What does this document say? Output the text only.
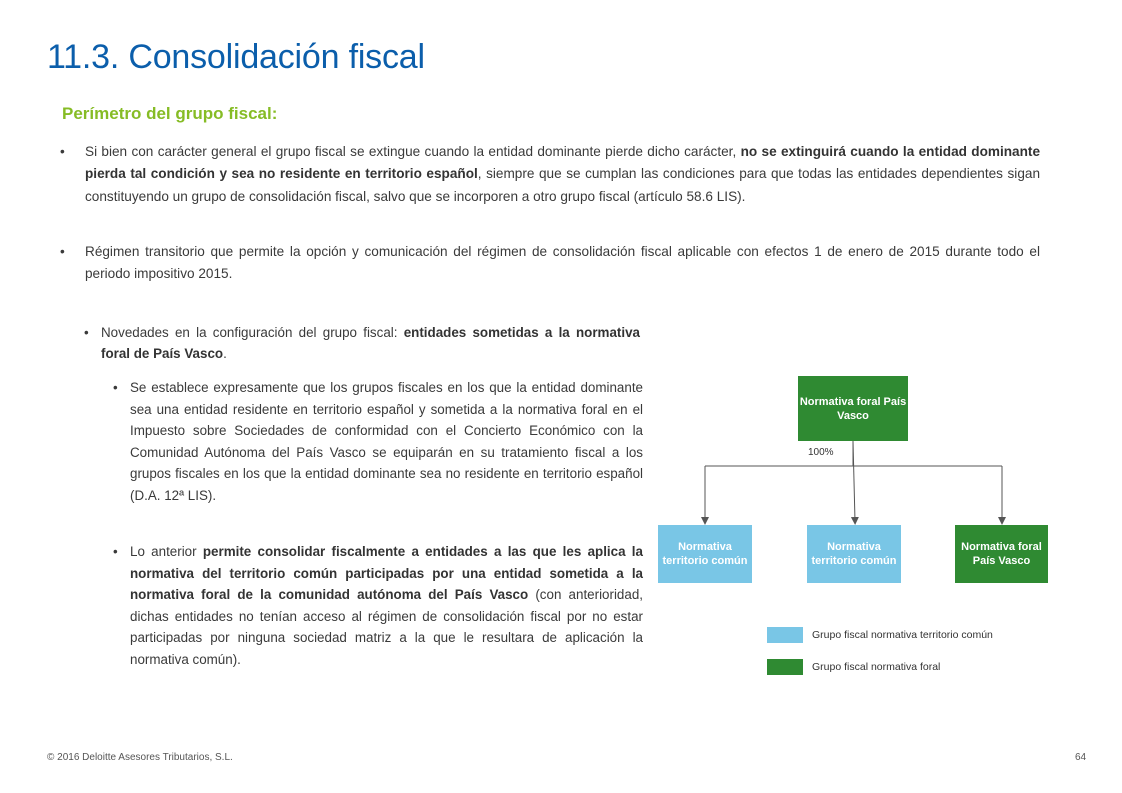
11.3. Consolidación fiscal
Perímetro del grupo fiscal:
• Si bien con carácter general el grupo fiscal se extingue cuando la entidad dominante pierde dicho carácter, no se extinguirá cuando la entidad dominante pierda tal condición y sea no residente en territorio español, siempre que se cumplan las condiciones para que todas las entidades dependientes sigan constituyendo un grupo de consolidación fiscal, salvo que se incorporen a otro grupo fiscal (artículo 58.6 LIS).
• Régimen transitorio que permite la opción y comunicación del régimen de consolidación fiscal aplicable con efectos 1 de enero de 2015 durante todo el periodo impositivo 2015.
• Novedades en la configuración del grupo fiscal: entidades sometidas a la normativa foral de País Vasco.
• Se establece expresamente que los grupos fiscales en los que la entidad dominante sea una entidad residente en territorio español y sometida a la normativa foral en el Impuesto sobre Sociedades de conformidad con el Concierto Económico con la Comunidad Autónoma del País Vasco se equiparán en su tratamiento fiscal a los grupos fiscales en los que la entidad dominante sea no residente en territorio español (D.A. 12ª LIS).
• Lo anterior permite consolidar fiscalmente a entidades a las que les aplica la normativa del territorio común participadas por una entidad sometida a la normativa foral de la comunidad autónoma del País Vasco (con anterioridad, dichas entidades no tenían acceso al régimen de consolidación fiscal por no estar participadas por ninguna sociedad matriz a la que le resultara de aplicación la normativa común).
Normativa foral País Vasco
100%
Normativa territorio común
Normativa territorio común
Normativa foral País Vasco
Grupo fiscal normativa territorio común
Grupo fiscal normativa foral
© 2016 Deloitte Asesores Tributarios, S.L.	64
